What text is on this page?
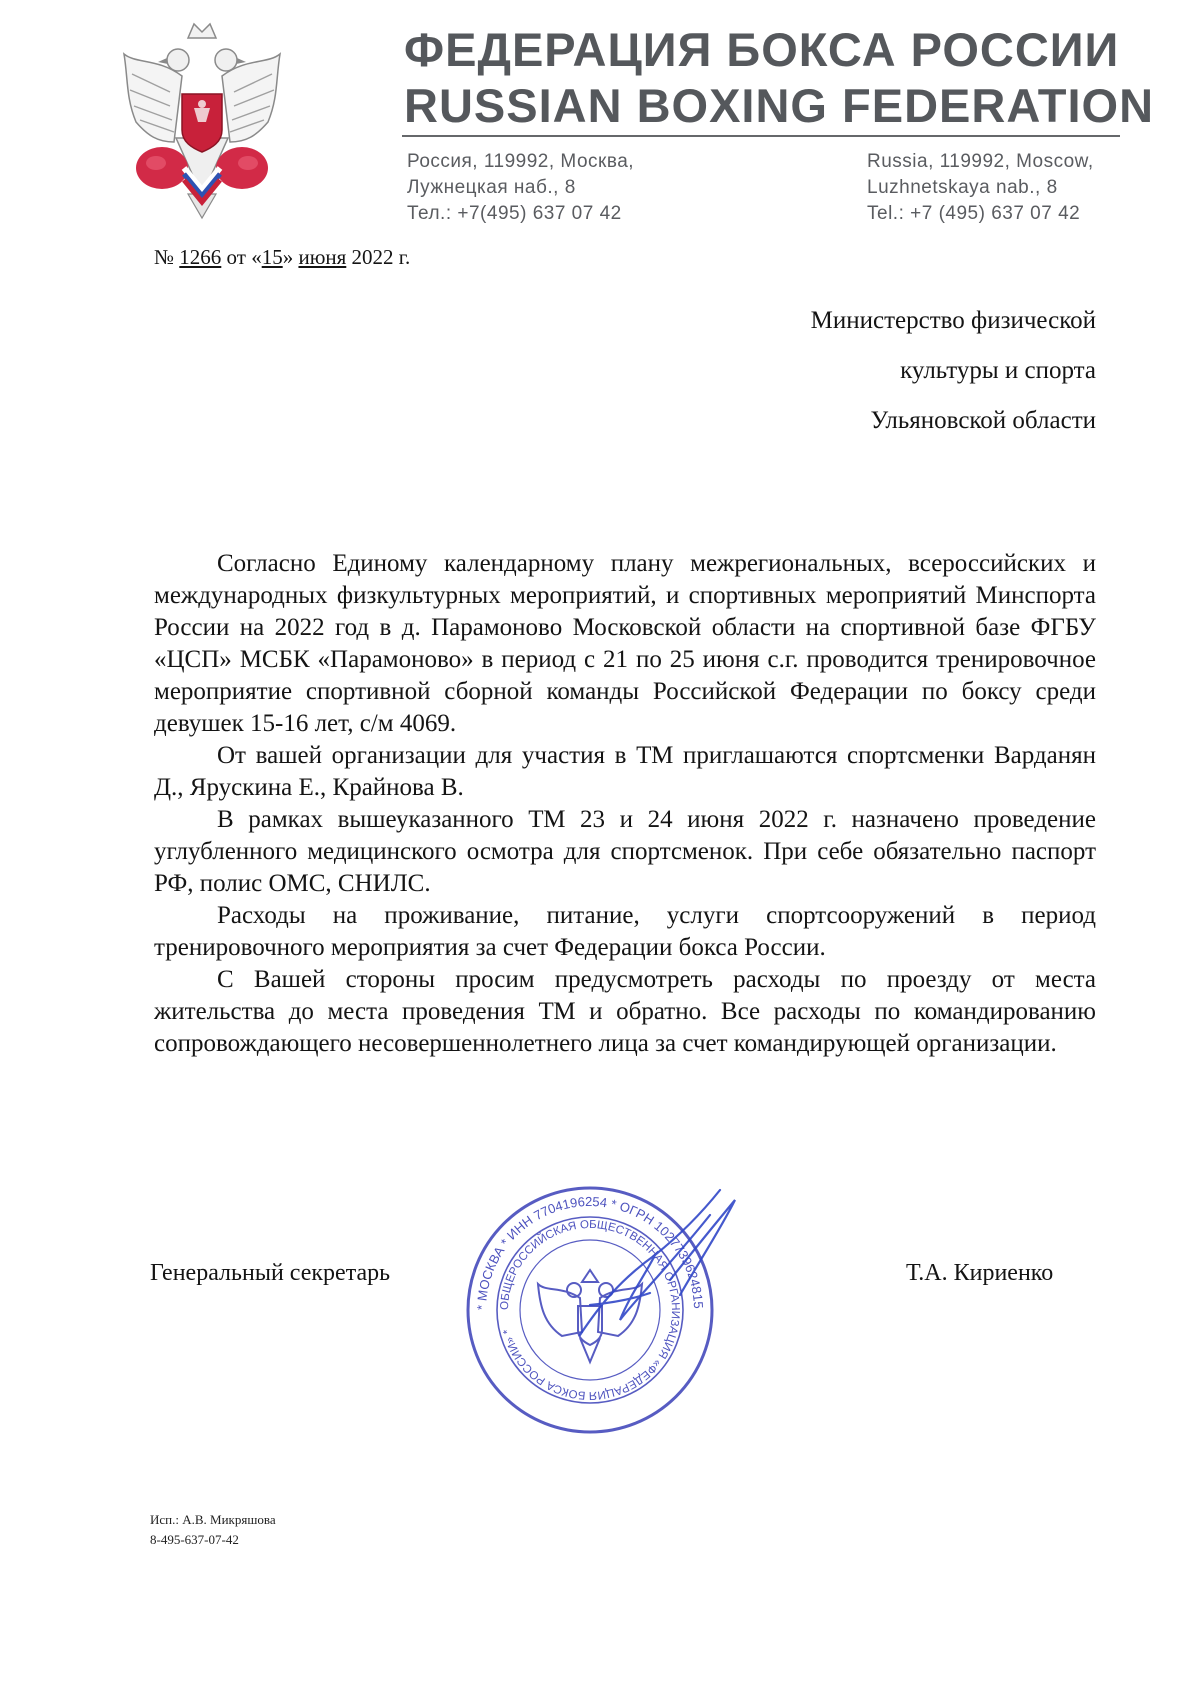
ФЕДЕРАЦИЯ БОКСА РОССИИ
RUSSIAN BOXING FEDERATION
Россия, 119992, Москва,
Лужнецкая наб., 8
Тел.: +7(495) 637 07 42
Russia, 119992, Moscow,
Luzhnetskaya nab., 8
Tel.: +7 (495) 637 07 42
№ 1266 от «15» июня 2022 г.
Министерство физической
культуры и спорта
Ульяновской области

Согласно Единому календарному плану межрегиональных, всероссийских и международных физкультурных мероприятий, и спортивных мероприятий Минспорта России на 2022 год в д. Парамоново Московской области на спортивной базе ФГБУ «ЦСП» МСБК «Парамоново» в период с 21 по 25 июня с.г. проводится тренировочное мероприятие спортивной сборной команды Российской Федерации по боксу среди девушек 15-16 лет, с/м 4069.

От вашей организации для участия в ТМ приглашаются спортсменки Варданян Д., Ярускина Е., Крайнова В.

В рамках вышеуказанного ТМ 23 и 24 июня 2022 г. назначено проведение углубленного медицинского осмотра для спортсменок. При себе обязательно паспорт РФ, полис ОМС, СНИЛС.

Расходы на проживание, питание, услуги спортсооружений в период тренировочного мероприятия за счет Федерации бокса России.

С Вашей стороны просим предусмотреть расходы по проезду от места жительства до места проведения ТМ и обратно. Все расходы по командированию сопровождающего несовершеннолетнего лица за счет командирующей организации.

* МОСКВА * ИНН 7704196254 * ОГРН 1027739624815
ОБЩЕРОССИЙСКАЯ ОБЩЕСТВЕННАЯ ОРГАНИЗАЦИЯ «ФЕДЕРАЦИЯ БОКСА РОССИИ» *
Генеральный секретарь	Т.А. Кириенко
Исп.: А.В. Микряшова
8-495-637-07-42
